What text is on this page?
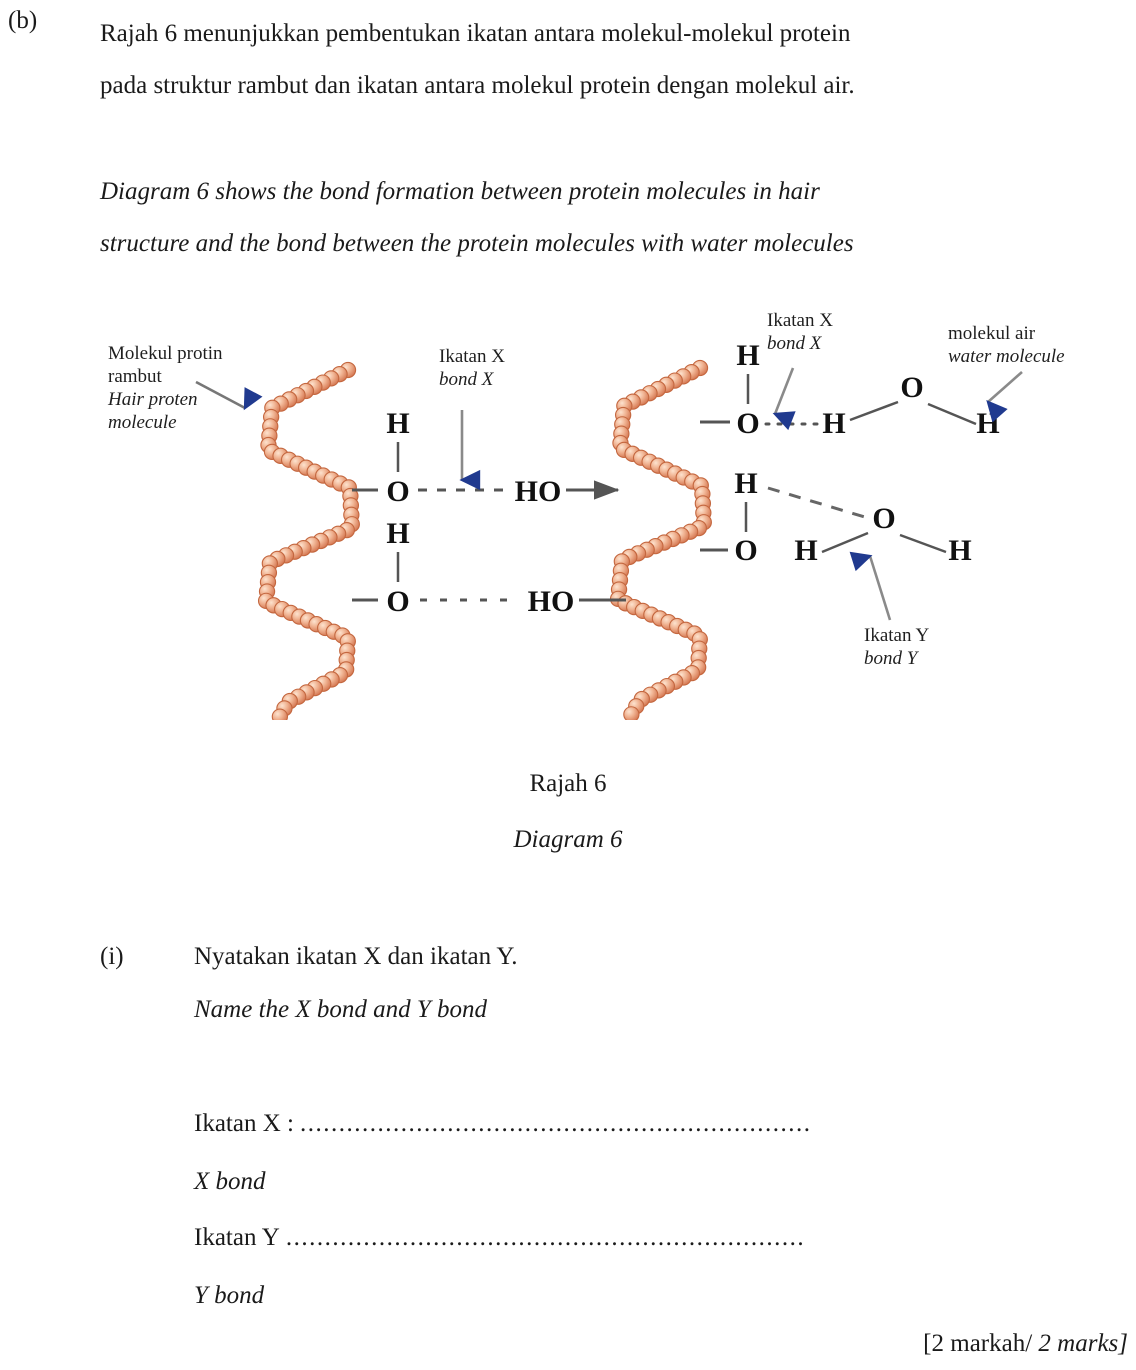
(b)	Rajah 6 menunjukkan pembentukan ikatan antara molekul-molekul protein
pada struktur rambut dan ikatan antara molekul protein dengan molekul air.
Diagram 6 shows the bond formation between protein molecules in hair
structure and the bond between the protein molecules with water molecules
H
O	HO
H
O	HO
H
O H
O
H
H
O H
O
H
Molekul protin
rambut
Hair proten
molecule
Ikatan X
bond X
Ikatan X
bond X	molekul air
water molecule
Ikatan Y
bond Y
Rajah 6
Diagram 6
(i)	Nyatakan ikatan X dan ikatan Y.
Name the X bond and Y bond
Ikatan X : ..................................................................
X bond
Ikatan Y ...................................................................
Y bond
[2 markah/ 2 marks]
